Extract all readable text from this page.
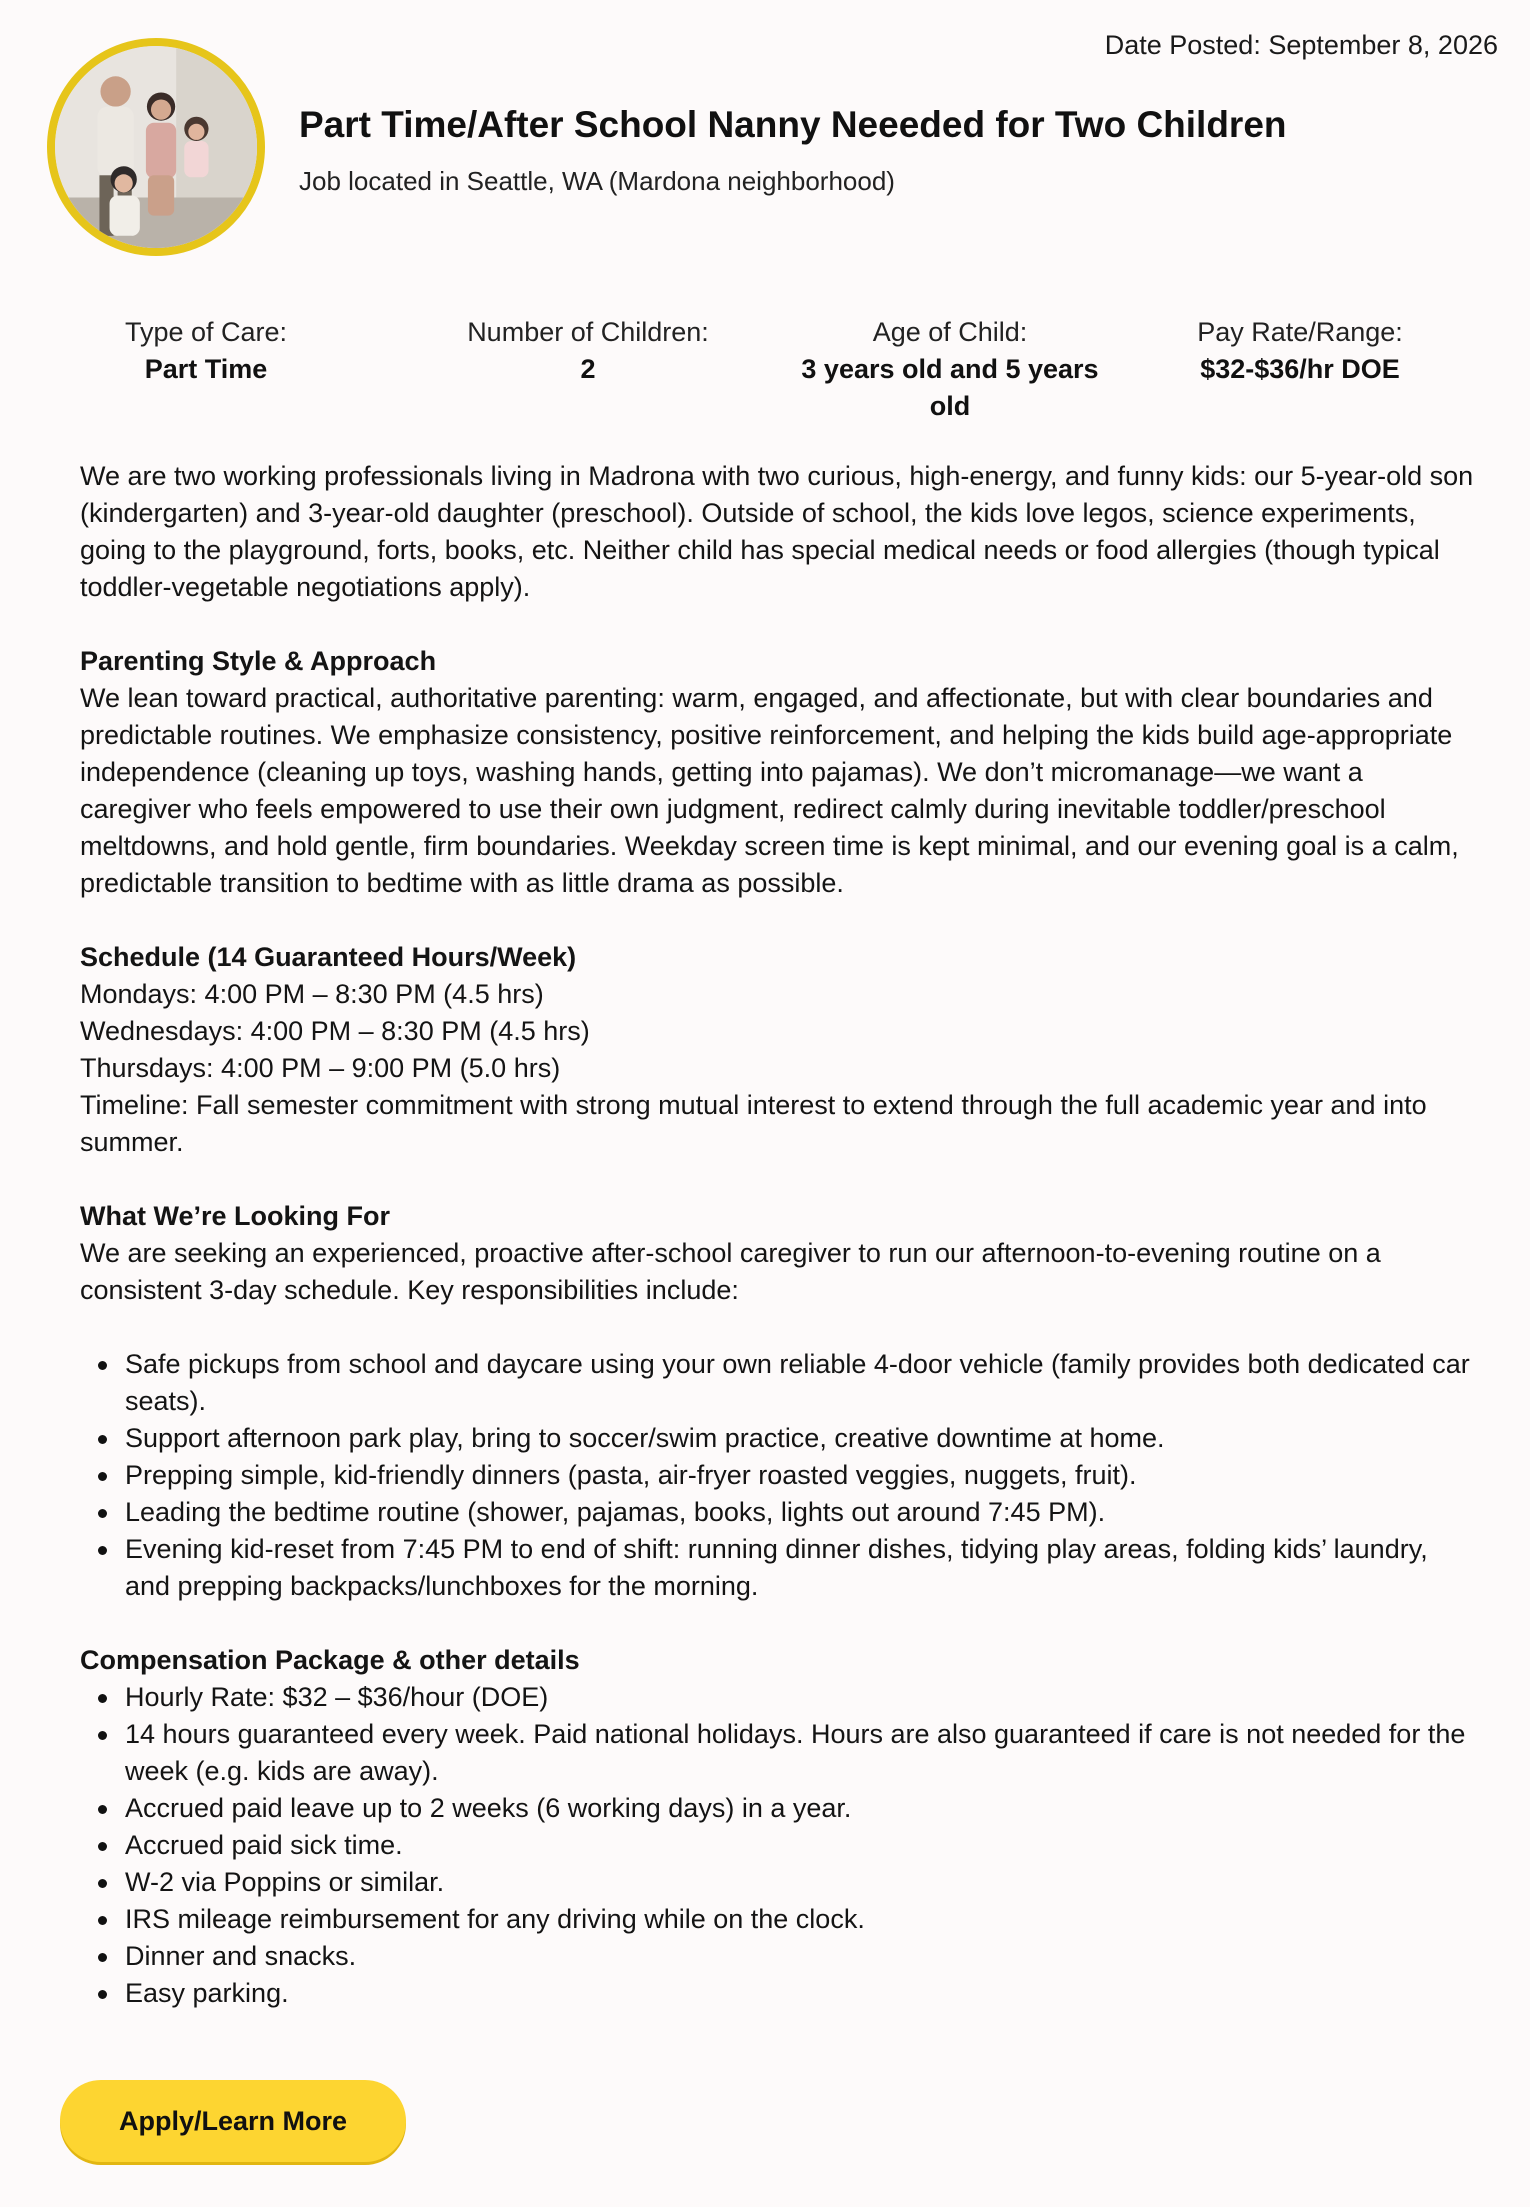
Date Posted: September 8, 2026
Part Time/After School Nanny Neeeded for Two Children
Job located in Seattle, WA (Mardona neighborhood)
Type of Care:
Part Time
Number of Children:
2
Age of Child:
3 years old and 5 years old
Pay Rate/Range:
$32-$36/hr DOE

We are two working professionals living in Madrona with two curious, high-energy, and funny kids: our 5-year-old son (kindergarten) and 3-year-old daughter (preschool). Outside of school, the kids love legos, science experiments, going to the playground, forts, books, etc. Neither child has special medical needs or food allergies (though typical toddler-vegetable negotiations apply).

Parenting Style & Approach

We lean toward practical, authoritative parenting: warm, engaged, and affectionate, but with clear boundaries and predictable routines. We emphasize consistency, positive reinforcement, and helping the kids build age-appropriate independence (cleaning up toys, washing hands, getting into pajamas). We don’t micromanage—we want a caregiver who feels empowered to use their own judgment, redirect calmly during inevitable toddler/preschool meltdowns, and hold gentle, firm boundaries. Weekday screen time is kept minimal, and our evening goal is a calm, predictable transition to bedtime with as little drama as possible.

Schedule (14 Guaranteed Hours/Week)

Mondays: 4:00 PM – 8:30 PM (4.5 hrs)

Wednesdays: 4:00 PM – 8:30 PM (4.5 hrs)

Thursdays: 4:00 PM – 9:00 PM (5.0 hrs)

Timeline: Fall semester commitment with strong mutual interest to extend through the full academic year and into summer.

What We’re Looking For

We are seeking an experienced, proactive after-school caregiver to run our afternoon-to-evening routine on a consistent 3-day schedule. Key responsibilities include:

Safe pickups from school and daycare using your own reliable 4-door vehicle (family provides both dedicated car seats).
Support afternoon park play, bring to soccer/swim practice, creative downtime at home.
Prepping simple, kid-friendly dinners (pasta, air-fryer roasted veggies, nuggets, fruit).
Leading the bedtime routine (shower, pajamas, books, lights out around 7:45 PM).
Evening kid-reset from 7:45 PM to end of shift: running dinner dishes, tidying play areas, folding kids’ laundry, and prepping backpacks/lunchboxes for the morning.

Compensation Package & other details

Hourly Rate: $32 – $36/hour (DOE)
14 hours guaranteed every week. Paid national holidays. Hours are also guaranteed if care is not needed for the week (e.g. kids are away).
Accrued paid leave up to 2 weeks (6 working days) in a year.
Accrued paid sick time.
W-2 via Poppins or similar.
IRS mileage reimbursement for any driving while on the clock.
Dinner and snacks.
Easy parking.
Apply/Learn More
